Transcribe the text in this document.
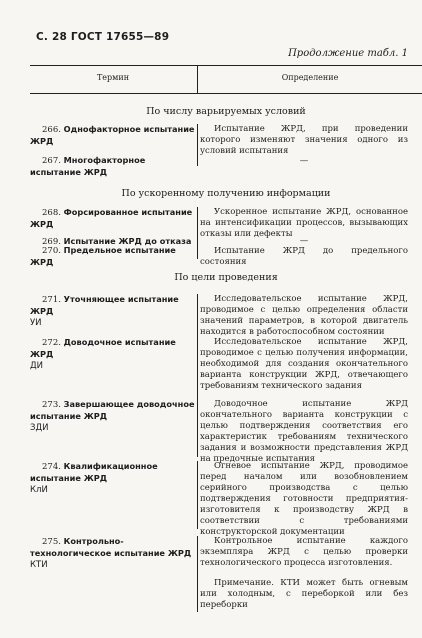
С. 28 ГОСТ 17655—89
Продолжение табл. 1
Термин	Определение
По числу варьируемых условий
266. Однофакторное испытание ЖРД
Испытание ЖРД, при проведении которого изменяют значения одного из условий испытания
267. Многофакторное испытание ЖРД
—
По ускоренному получению информации
268. Форсированное испытание ЖРД
Ускоренное испытание ЖРД, основанное на интенсификации процессов, вызывающих отказы или дефекты
269. Испытание ЖРД до отказа	—
270. Предельное испытание ЖРД
Испытание ЖРД до предельного состояния
По цели проведения
271. Уточняющее испытание ЖРД
УИ
Исследовательское испытание ЖРД, проводимое с целью определения области значений параметров, в которой двигатель находится в работоспособном состоянии
272. Доводочное испытание ЖРД
ДИ
Исследовательское испытание ЖРД, проводимое с целью получения информации, необходимой для создания окончательного варианта конструкции ЖРД, отвечающего требованиям технического задания
273. Завершающее доводочное испытание ЖРД
ЗДИ
Доводочное испытание ЖРД окончательного варианта конструкции с целью подтверждения соответствия его характеристик требованиям технического задания и возможности представления ЖРД на предочные испытания
274. Квалификационное испытание ЖРД
КлИ
Огневое испытание ЖРД, проводимое перед началом или возобновлением серийного производства с целью подтверждения готовности предприятия-изготовителя к производству ЖРД в соответствии с требованиями конструкторской документации
275. Контрольно-технологическое испытание ЖРД
КТИ
Контрольное испытание каждого экземпляра ЖРД с целью проверки технологического процесса изготовления.
Примечание. КТИ может быть огневым или холодным, с переборкой или без переборки
